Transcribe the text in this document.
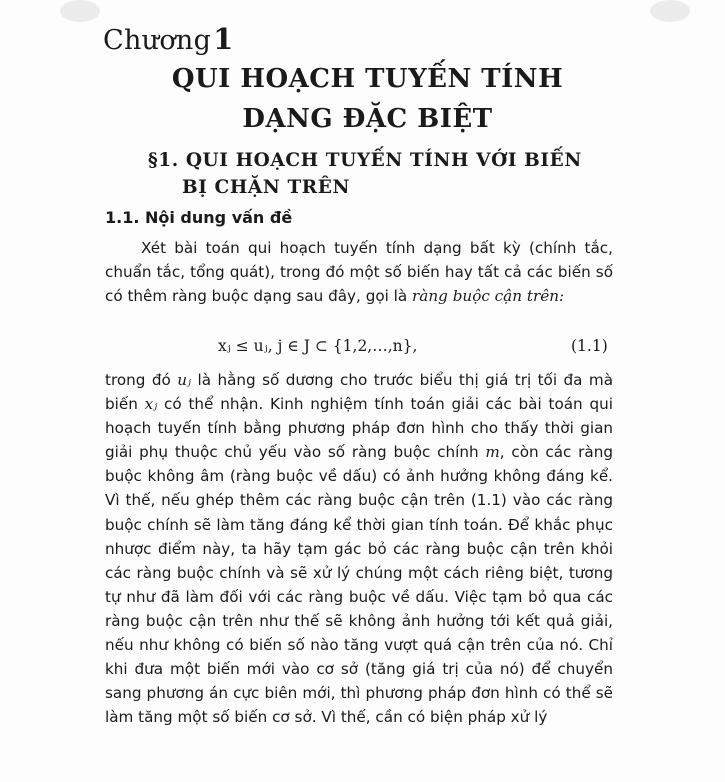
Chương1
QUI HOẠCH TUYẾN TÍNH
DẠNG ĐẶC BIỆT
§1. QUI HOẠCH TUYẾN TÍNH VỚI BIẾN
BỊ CHẶN TRÊN
1.1. Nội dung vấn đề

Xét bài toán qui hoạch tuyến tính dạng bất kỳ (chính tắc, chuẩn tắc, tổng quát), trong đó một số biến hay tất cả các biến số có thêm ràng buộc dạng sau đây, gọi là ràng buộc cận trên:

xⱼ ≤ uⱼ, j ∈ J ⊂ {1,2,…,n},	(1.1)

trong đó uⱼ là hằng số dương cho trước biểu thị giá trị tối đa mà biến xⱼ có thể nhận. Kinh nghiệm tính toán giải các bài toán qui hoạch tuyến tính bằng phương pháp đơn hình cho thấy thời gian giải phụ thuộc chủ yếu vào số ràng buộc chính m, còn các ràng buộc không âm (ràng buộc về dấu) có ảnh hưởng không đáng kể. Vì thế, nếu ghép thêm các ràng buộc cận trên (1.1) vào các ràng buộc chính sẽ làm tăng đáng kể thời gian tính toán. Để khắc phục nhược điểm này, ta hãy tạm gác bỏ các ràng buộc cận trên khỏi các ràng buộc chính và sẽ xử lý chúng một cách riêng biệt, tương tự như đã làm đối với các ràng buộc về dấu. Việc tạm bỏ qua các ràng buộc cận trên như thế sẽ không ảnh hưởng tới kết quả giải, nếu như không có biến số nào tăng vượt quá cận trên của nó. Chỉ khi đưa một biến mới vào cơ sở (tăng giá trị của nó) để chuyển sang phương án cực biên mới, thì phương pháp đơn hình có thể sẽ làm tăng một số biến cơ sở. Vì thế, cần có biện pháp xử lý
